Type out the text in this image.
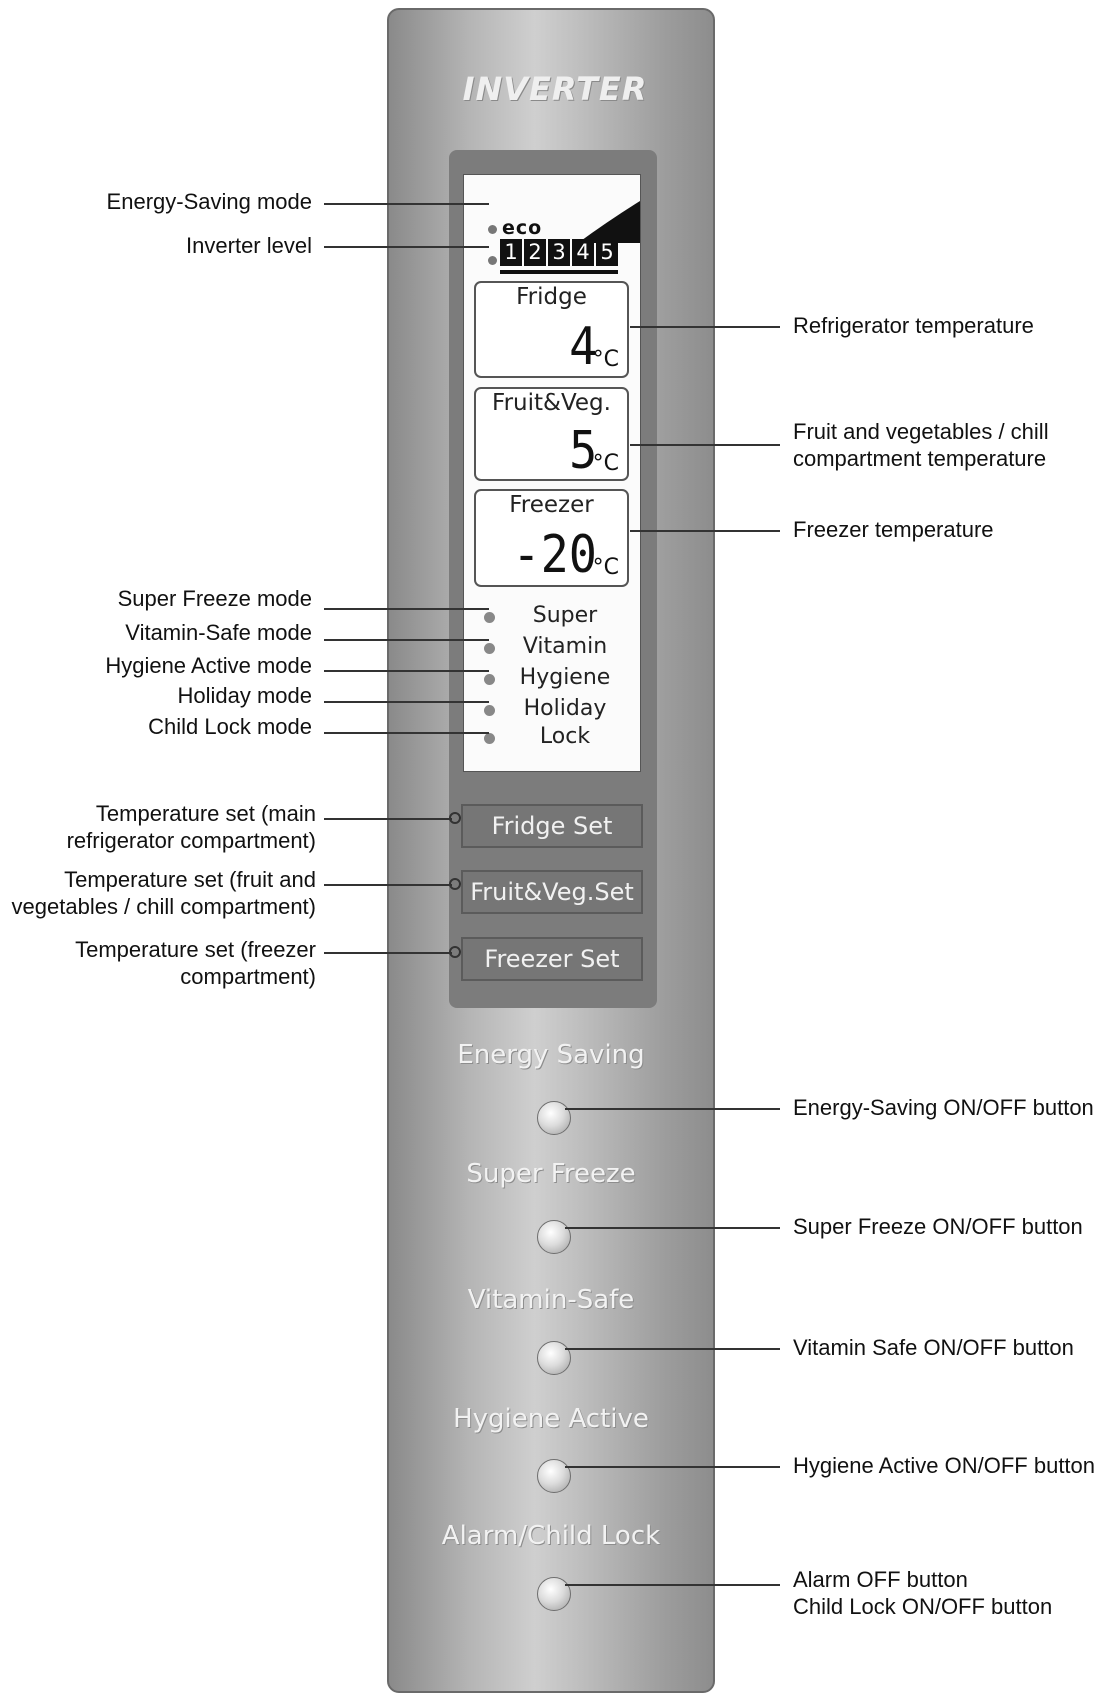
INVERTER
eco
1 2 3 4 5
Fridge
4
°C
Fruit&Veg.
5
°C
Freezer
-20
°C
Super
Vitamin
Hygiene
Holiday
Lock
Fridge Set
Fruit&Veg.Set
Freezer Set
Energy Saving
Super Freeze
Vitamin-Safe
Hygiene Active
Alarm/Child Lock
Energy-Saving mode
Inverter level
Super Freeze mode
Vitamin-Safe mode
Hygiene Active mode
Holiday mode
Child Lock mode
Temperature set (main
refrigerator compartment)
Temperature set (fruit and
vegetables / chill compartment)
Temperature set (freezer
compartment)
Refrigerator temperature
Fruit and vegetables / chill
compartment temperature
Freezer temperature
Energy-Saving ON/OFF button
Super Freeze ON/OFF button
Vitamin Safe ON/OFF button
Hygiene Active ON/OFF button
Alarm OFF button
Child Lock ON/OFF button
